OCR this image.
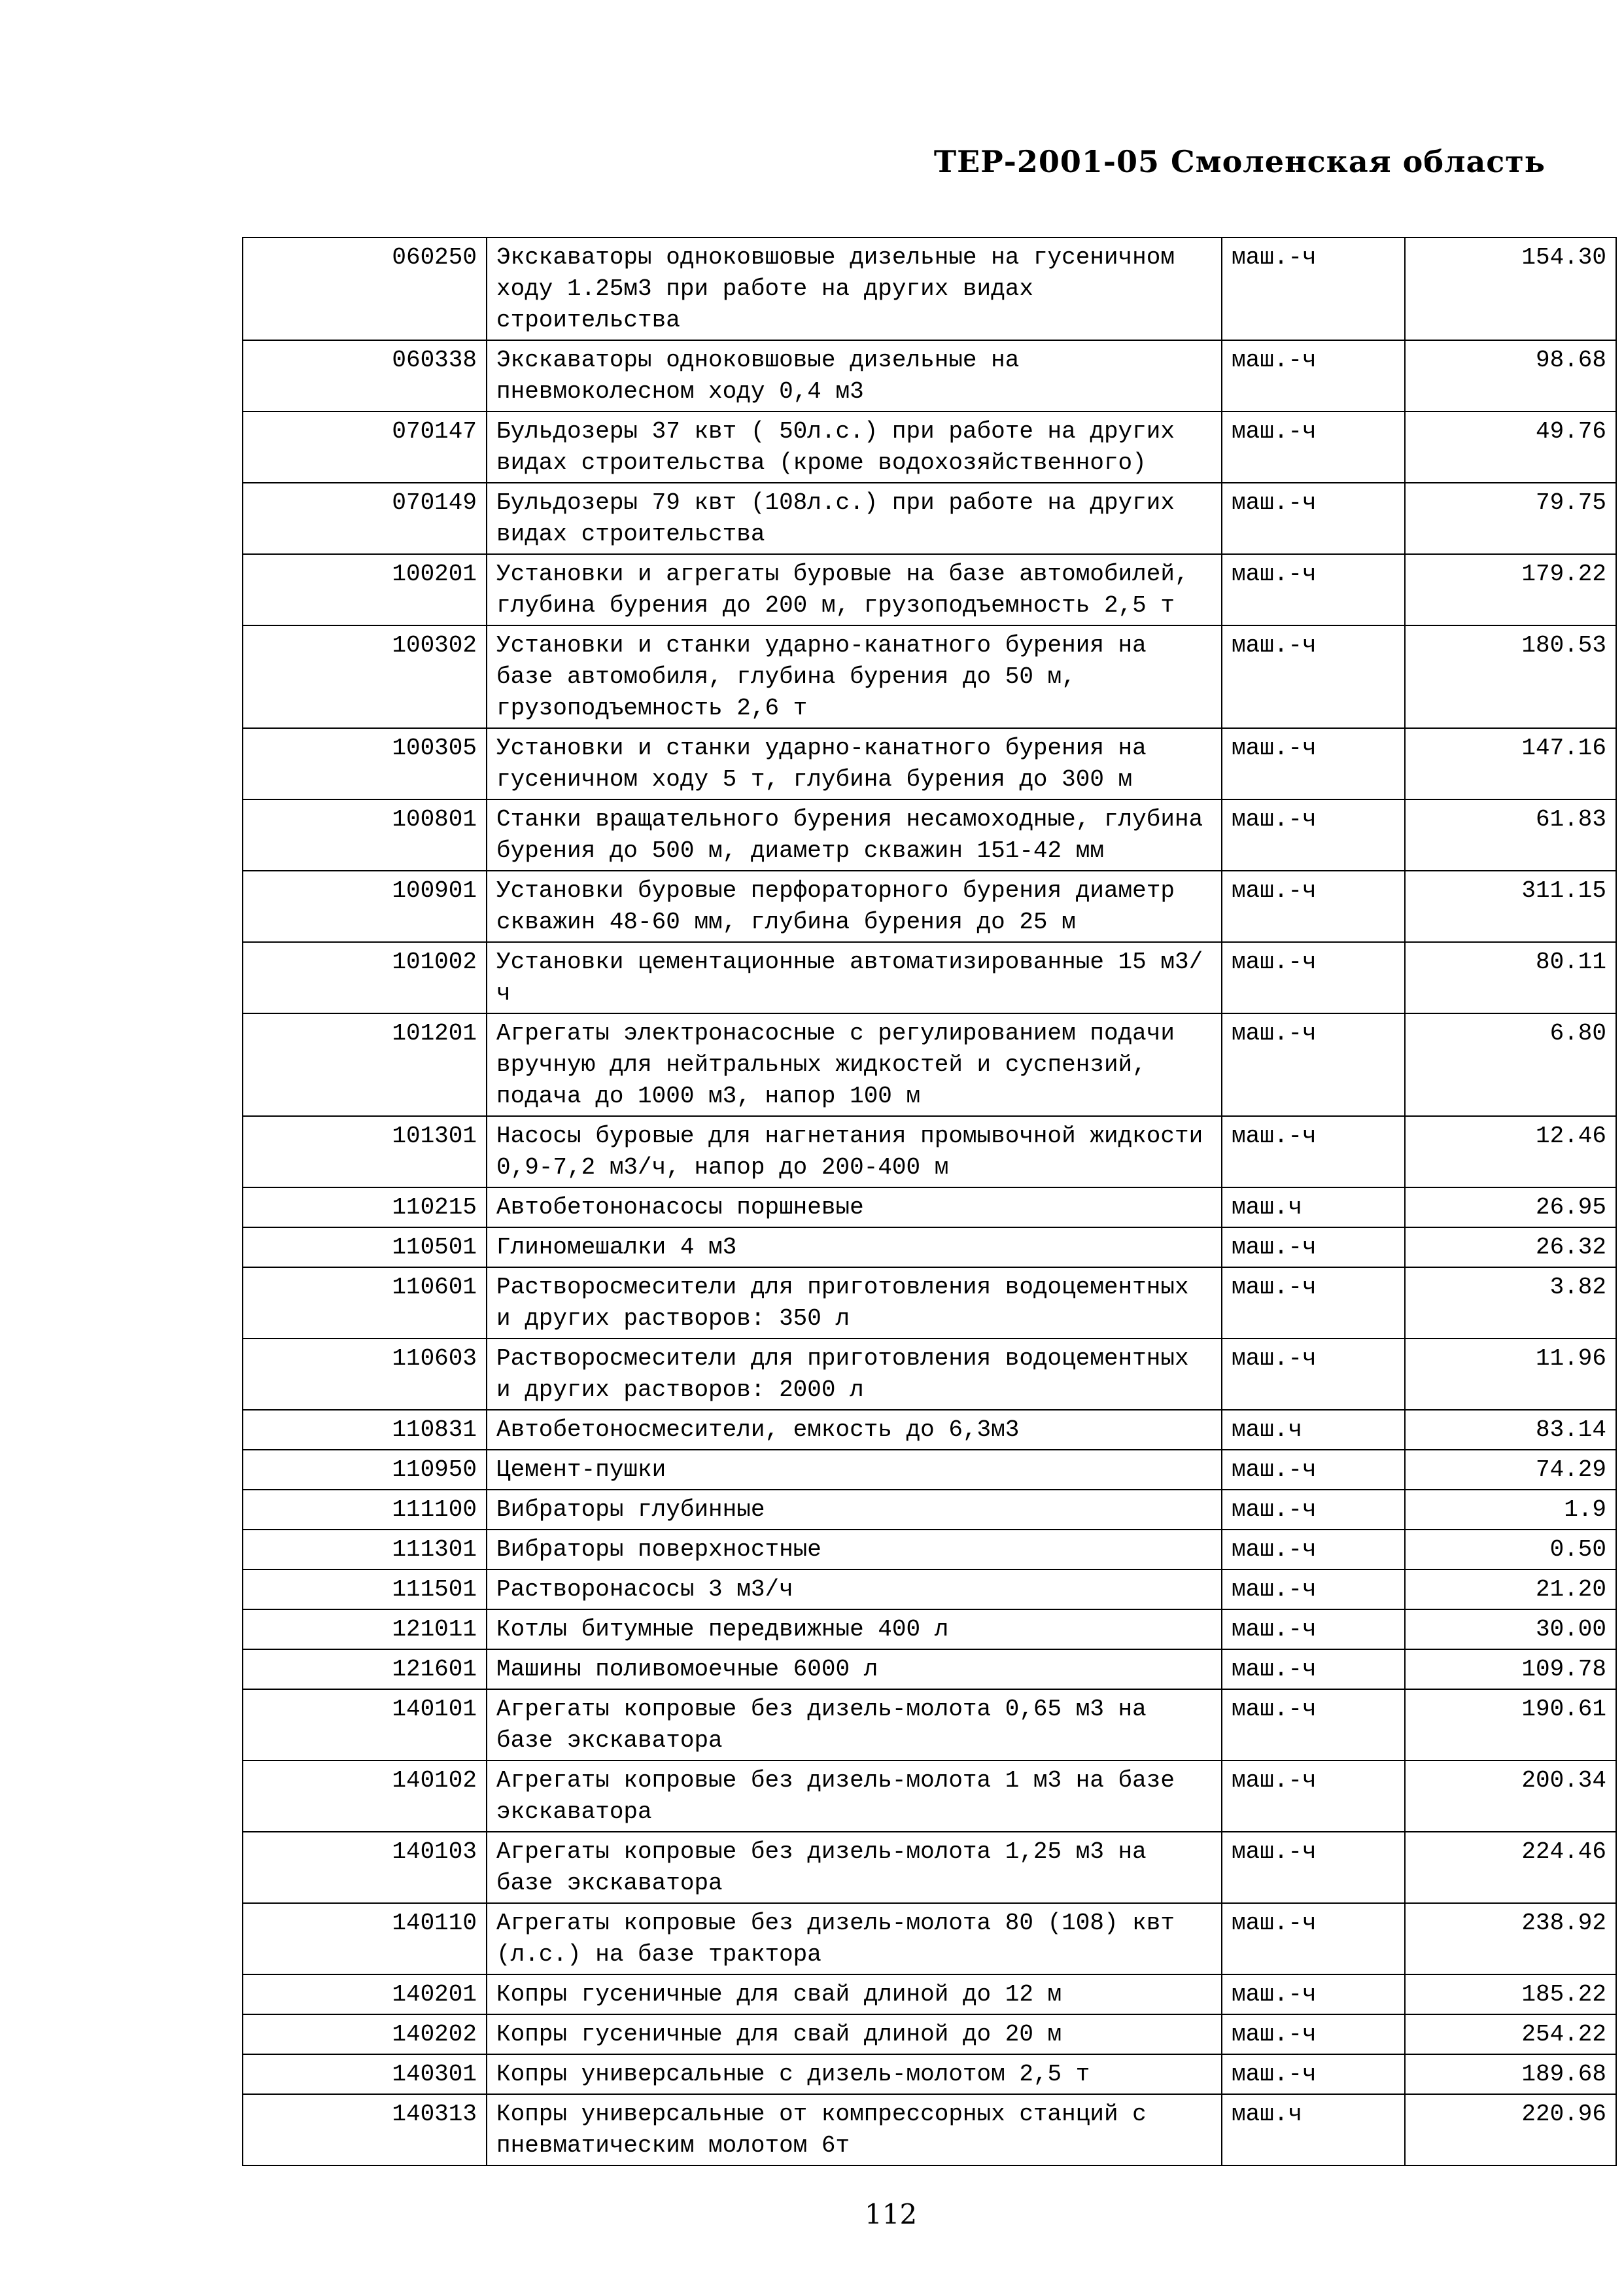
ТЕР-2001-05 Смоленская область
060250	Экскаваторы одноковшовые дизельные на гусеничном ходу 1.25м3 при работе на других видах строительства	маш.-ч	154.30
060338	Экскаваторы одноковшовые дизельные на пневмоколесном ходу 0,4 м3	маш.-ч	98.68
070147	Бульдозеры 37 квт ( 50л.с.) при работе на других видах строительства (кроме водохозяйственного)	маш.-ч	49.76
070149	Бульдозеры 79 квт (108л.с.) при работе на других видах строительства	маш.-ч	79.75
100201	Установки и агрегаты буровые на базе автомобилей, глубина бурения до 200 м, грузоподъемность 2,5 т	маш.-ч	179.22
100302	Установки и станки ударно-канатного бурения на базе автомобиля, глубина бурения до 50 м, грузоподъемность 2,6 т	маш.-ч	180.53
100305	Установки и станки ударно-канатного бурения на гусеничном ходу 5 т, глубина бурения до 300 м	маш.-ч	147.16
100801	Станки вращательного бурения несамоходные, глубина бурения до 500 м, диаметр скважин 151-42 мм	маш.-ч	61.83
100901	Установки буровые перфораторного бурения диаметр скважин 48-60 мм, глубина бурения до 25 м	маш.-ч	311.15
101002	Установки цементационные автоматизированные 15 м3/ч	маш.-ч	80.11
101201	Агрегаты электронасосные с регулированием подачи вручную для нейтральных жидкостей и суспензий, подача до 1000 м3, напор 100 м	маш.-ч	6.80
101301	Насосы буровые для нагнетания промывочной жидкости 0,9-7,2 м3/ч, напор до 200-400 м	маш.-ч	12.46
110215	Автобетононасосы поршневые	маш.ч	26.95
110501	Глиномешалки 4 м3	маш.-ч	26.32
110601	Растворосмесители для приготовления водоцементных и других растворов: 350 л	маш.-ч	3.82
110603	Растворосмесители для приготовления водоцементных и других растворов: 2000 л	маш.-ч	11.96
110831	Автобетоносмесители, емкость до 6,3м3	маш.ч	83.14
110950	Цемент-пушки	маш.-ч	74.29
111100	Вибраторы глубинные	маш.-ч	1.9
111301	Вибраторы поверхностные	маш.-ч	0.50
111501	Растворонасосы 3 м3/ч	маш.-ч	21.20
121011	Котлы битумные передвижные 400 л	маш.-ч	30.00
121601	Машины поливомоечные 6000 л	маш.-ч	109.78
140101	Агрегаты копровые без дизель-молота 0,65 м3 на базе экскаватора	маш.-ч	190.61
140102	Агрегаты копровые без дизель-молота 1 м3 на базе экскаватора	маш.-ч	200.34
140103	Агрегаты копровые без дизель-молота 1,25 м3 на базе экскаватора	маш.-ч	224.46
140110	Агрегаты копровые без дизель-молота 80 (108) квт (л.с.) на базе трактора	маш.-ч	238.92
140201	Копры гусеничные для свай длиной до 12 м	маш.-ч	185.22
140202	Копры гусеничные для свай длиной до 20 м	маш.-ч	254.22
140301	Копры универсальные с дизель-молотом 2,5 т	маш.-ч	189.68
140313	Копры универсальные от компрессорных станций с пневматическим молотом 6т	маш.ч	220.96
112
